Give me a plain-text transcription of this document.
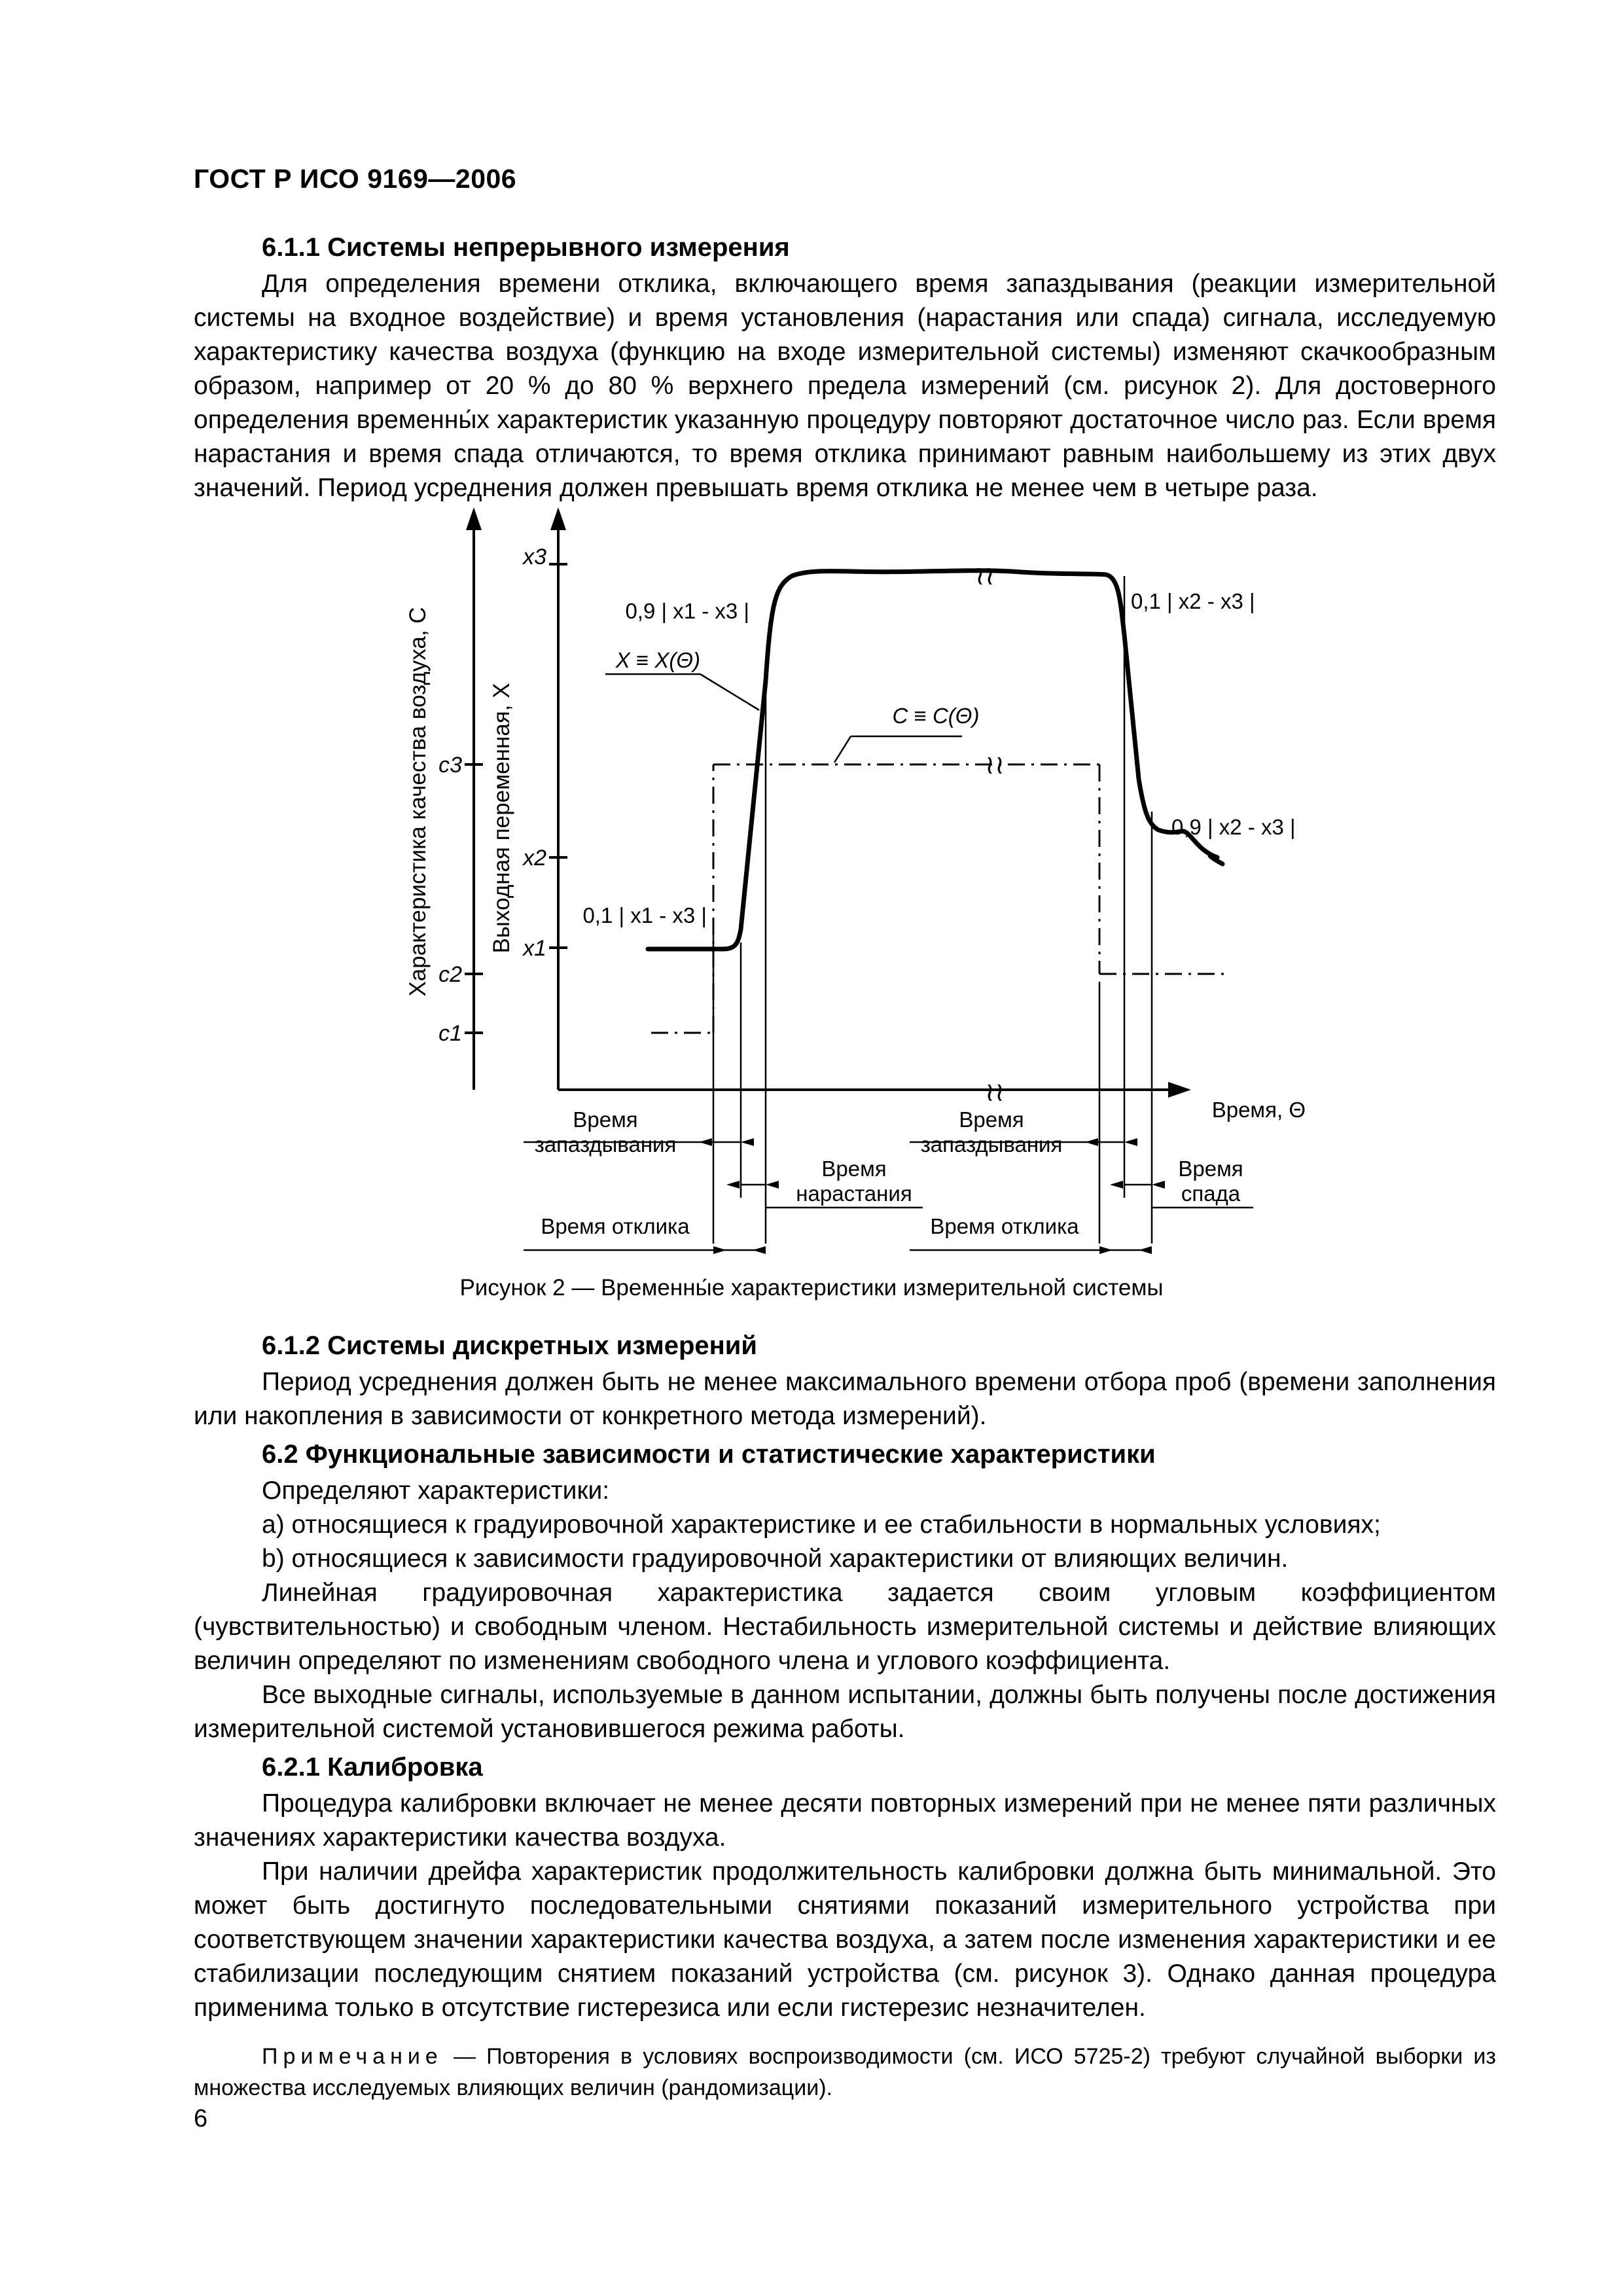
ГОСТ Р ИСО 9169—2006
6.1.1 Системы непрерывного измерения

Для определения времени отклика, включающего время запаздывания (реакции измерительной системы на входное воздействие) и время установления (нарастания или спада) сигнала, исследуемую характеристику качества воздуха (функцию на входе измерительной системы) изменяют скачкообразным образом, например от 20 % до 80 % верхнего предела измерений (см. рисунок 2). Для достоверного определения временны́х характеристик указанную процедуру повторяют достаточное число раз. Если время нарастания и время спада отличаются, то время отклика принимают равным наибольшему из этих двух значений. Период усреднения должен превышать время отклика не менее чем в четыре раза.

Характеристика качества воздуха, C	Выходная переменная, X
c3
c2
c1
x3
x2
x1
≀≀
≀≀
≀≀
0,9 | x1 - x3 |
0,1 | x1 - x3 |
0,1 | x2 - x3 |
0,9 | x2 - x3 |
X ≡ X(Θ)
C ≡ C(Θ)
Время, Θ
Время
запаздывания
Время
запаздывания
Время
нарастания
Время
спада
Время отклика	Время отклика
Рисунок 2 — Временны́е характеристики измерительной системы
6.1.2 Системы дискретных измерений

Период усреднения должен быть не менее максимального времени отбора проб (времени заполнения или накопления в зависимости от конкретного метода измерений).

6.2 Функциональные зависимости и статистические характеристики

Определяют характеристики:

a) относящиеся к градуировочной характеристике и ее стабильности в нормальных условиях;

b) относящиеся к зависимости градуировочной характеристики от влияющих величин.

Линейная градуировочная характеристика задается своим угловым коэффициентом (чувствительностью) и свободным членом. Нестабильность измерительной системы и действие влияющих величин определяют по изменениям свободного члена и углового коэффициента.

Все выходные сигналы, используемые в данном испытании, должны быть получены после достижения измерительной системой установившегося режима работы.

6.2.1 Калибровка

Процедура калибровки включает не менее десяти повторных измерений при не менее пяти различных значениях характеристики качества воздуха.

При наличии дрейфа характеристик продолжительность калибровки должна быть минимальной. Это может быть достигнуто последовательными снятиями показаний измерительного устройства при соответствующем значении характеристики качества воздуха, а затем после изменения характеристики и ее стабилизации последующим снятием показаний устройства (см. рисунок 3). Однако данная процедура применима только в отсутствие гистерезиса или если гистерезис незначителен.

Примечание — Повторения в условиях воспроизводимости (см. ИСО 5725-2) требуют случайной выборки из множества исследуемых влияющих величин (рандомизации).

6
